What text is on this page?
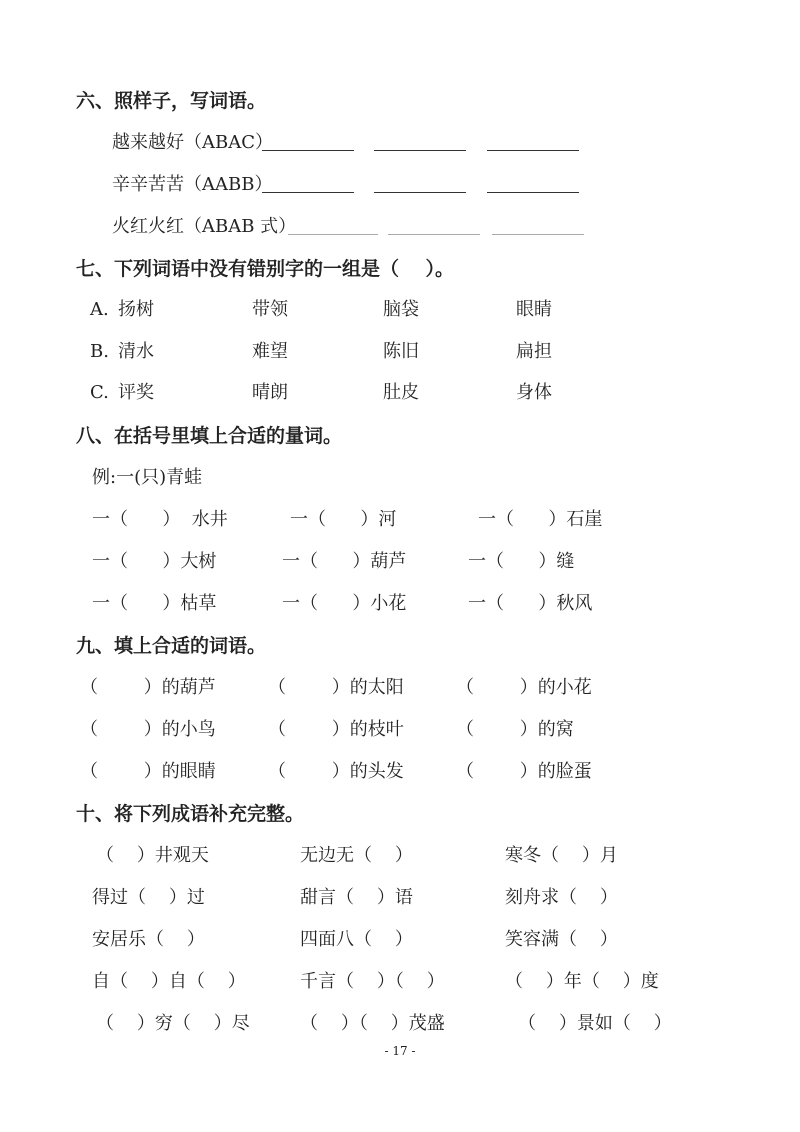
六、照样子，写词语。
越来越好（ABAC）
辛辛苦苦（AABB）
火红火红（ABAB 式）
七、下列词语中没有错别字的一组是（    ）。
A. 扬树	带领	脑袋	眼睛
B. 清水	难望	陈旧	扁担
C. 评奖	晴朗	肚皮	身体
八、在括号里填上合适的量词。
例:一(只)青蛙
一（      ）  水井	一（      ）河	一（      ）石崖
一（      ）大树	一（      ）葫芦	一（      ）缝
一（      ）枯草	一（      ）小花	一（      ）秋风
九、填上合适的词语。
（        ）的葫芦	（        ）的太阳	（        ）的小花
（        ）的小鸟	（        ）的枝叶	（        ）的窝
（        ）的眼睛	（        ）的头发	（        ）的脸蛋
十、将下列成语补充完整。
（    ）井观天	无边无（    ）	寒冬（    ）月
得过（    ）过	甜言（    ）语	刻舟求（    ）
安居乐（    ）	四面八（    ）	笑容满（    ）
自（    ）自（    ）	千言（    ）（    ）	（    ）年（    ）度
（    ）穷（    ）尽	（    ）（    ）茂盛	（    ）景如（    ）
- 17 -
